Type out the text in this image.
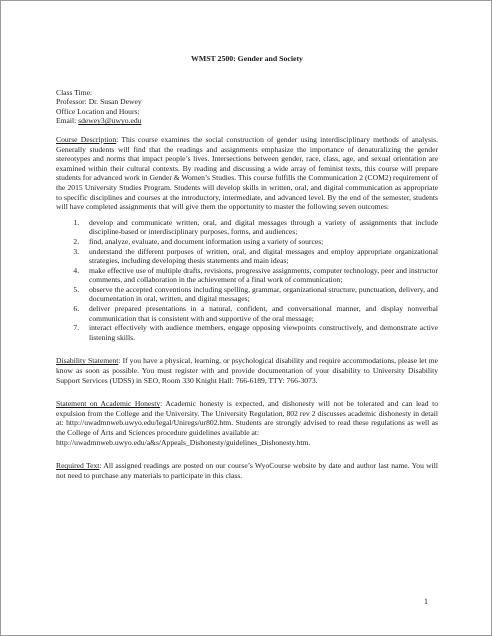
WMST 2500: Gender and Society
Class Time:
Professor: Dr. Susan Dewey
Office Location and Hours:
Email: sdewey3@uwyo.edu
Course Description: This course examines the social construction of gender using interdisciplinary methods of analysis. Generally students will find that the readings and assignments emphasize the importance of denaturalizing the gender stereotypes and norms that impact people’s lives. Intersections between gender, race, class, age, and sexual orientation are examined within their cultural contexts. By reading and discussing a wide array of feminist texts, this course will prepare students for advanced work in Gender & Women’s Studies. This course fulfills the Communication 2 (COM2) requirement of the 2015 University Studies Program. Students will develop skills in written, oral, and digital communication as appropriate to specific disciplines and courses at the introductory, intermediate, and advanced level. By the end of the semester, students will have completed assignments that will give them the opportunity to master the following seven outcomes:
1. develop and communicate written, oral, and digital messages through a variety of assignments that include discipline-based or interdisciplinary purposes, forms, and audiences;
2. find, analyze, evaluate, and document information using a variety of sources;
3. understand the different purposes of written, oral, and digital messages and employ appropriate organizational strategies, including developing thesis statements and main ideas;
4. make effective use of multiple drafts, revisions, progressive assignments, computer technology, peer and instructor comments, and collaboration in the achievement of a final work of communication;
5. observe the accepted conventions including spelling, grammar, organizational structure, punctuation, delivery, and documentation in oral, written, and digital messages;
6. deliver prepared presentations in a natural, confident, and conversational manner, and display nonverbal communication that is consistent with and supportive of the oral message;
7. interact effectively with audience members, engage opposing viewpoints constructively, and demonstrate active listening skills.
Disability Statement: If you have a physical, learning, or psychological disability and require accommodations, please let me know as soon as possible. You must register with and provide documentation of your disability to University Disability Support Services (UDSS) in SEO, Room 330 Knight Hall: 766-6189, TTY: 766-3073.
Statement on Academic Honesty: Academic honesty is expected, and dishonesty will not be tolerated and can lead to expulsion from the College and the University. The University Regulation, 802 rev 2 discusses academic dishonesty in detail at: http://uwadmnweb.uwyo.edu/legal/Uniregs/ur802.htm. Students are strongly advised to read these regulations as well as the College of Arts and Sciences procedure guidelines available at:
http://uwadmnweb.uwyo.edu/a&s/Appeals_Dishonesty/guidelines_Dishonesty.htm.
Required Text: All assigned readings are posted on our course’s WyoCourse website by date and author last name. You will not need to purchase any materials to participate in this class.
1
